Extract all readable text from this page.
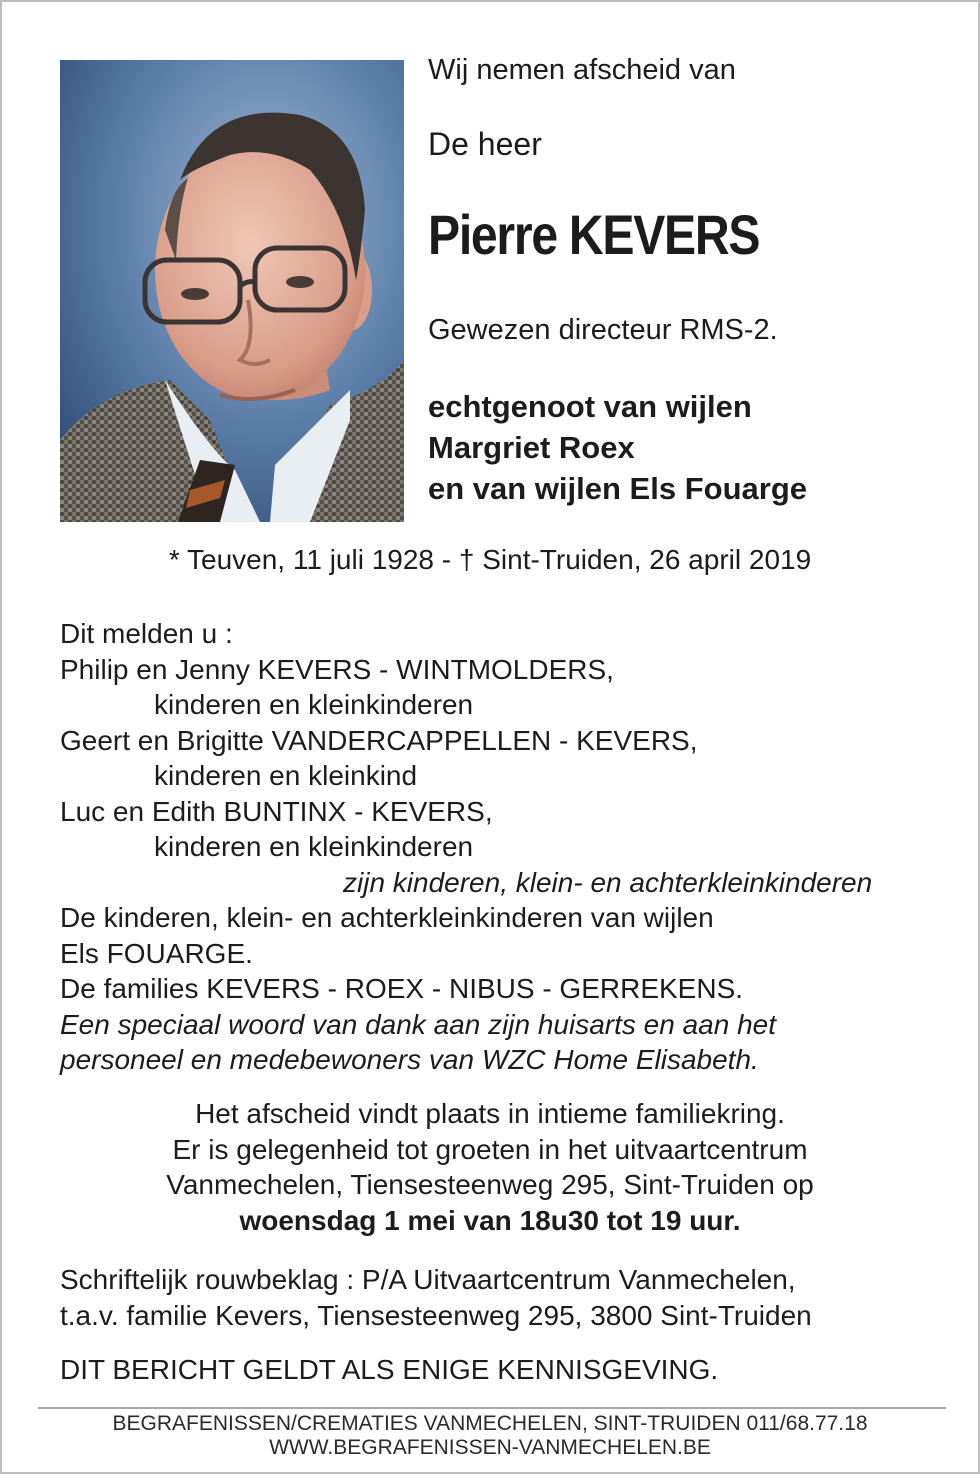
Wij nemen afscheid van
De heer
Pierre KEVERS
Gewezen directeur RMS-2.
echtgenoot van wijlen
Margriet Roex
en van wijlen Els Fouarge
* Teuven, 11 juli 1928 - † Sint-Truiden, 26 april 2019
Dit melden u :
Philip en Jenny KEVERS - WINTMOLDERS,
kinderen en kleinkinderen
Geert en Brigitte VANDERCAPPELLEN - KEVERS,
kinderen en kleinkind
Luc en Edith BUNTINX - KEVERS,
kinderen en kleinkinderen
zijn kinderen, klein- en achterkleinkinderen
De kinderen, klein- en achterkleinkinderen van wijlen
Els FOUARGE.
De families KEVERS - ROEX - NIBUS - GERREKENS.
Een speciaal woord van dank aan zijn huisarts en aan het
personeel en medebewoners van WZC Home Elisabeth.
Het afscheid vindt plaats in intieme familiekring.
Er is gelegenheid tot groeten in het uitvaartcentrum
Vanmechelen, Tiensesteenweg 295, Sint-Truiden op
woensdag 1 mei van 18u30 tot 19 uur.
Schriftelijk rouwbeklag : P/A Uitvaartcentrum Vanmechelen,
t.a.v. familie Kevers, Tiensesteenweg 295, 3800 Sint-Truiden
DIT BERICHT GELDT ALS ENIGE KENNISGEVING.
BEGRAFENISSEN/CREMATIES VANMECHELEN, SINT-TRUIDEN 011/68.77.18
WWW.BEGRAFENISSEN-VANMECHELEN.BE
